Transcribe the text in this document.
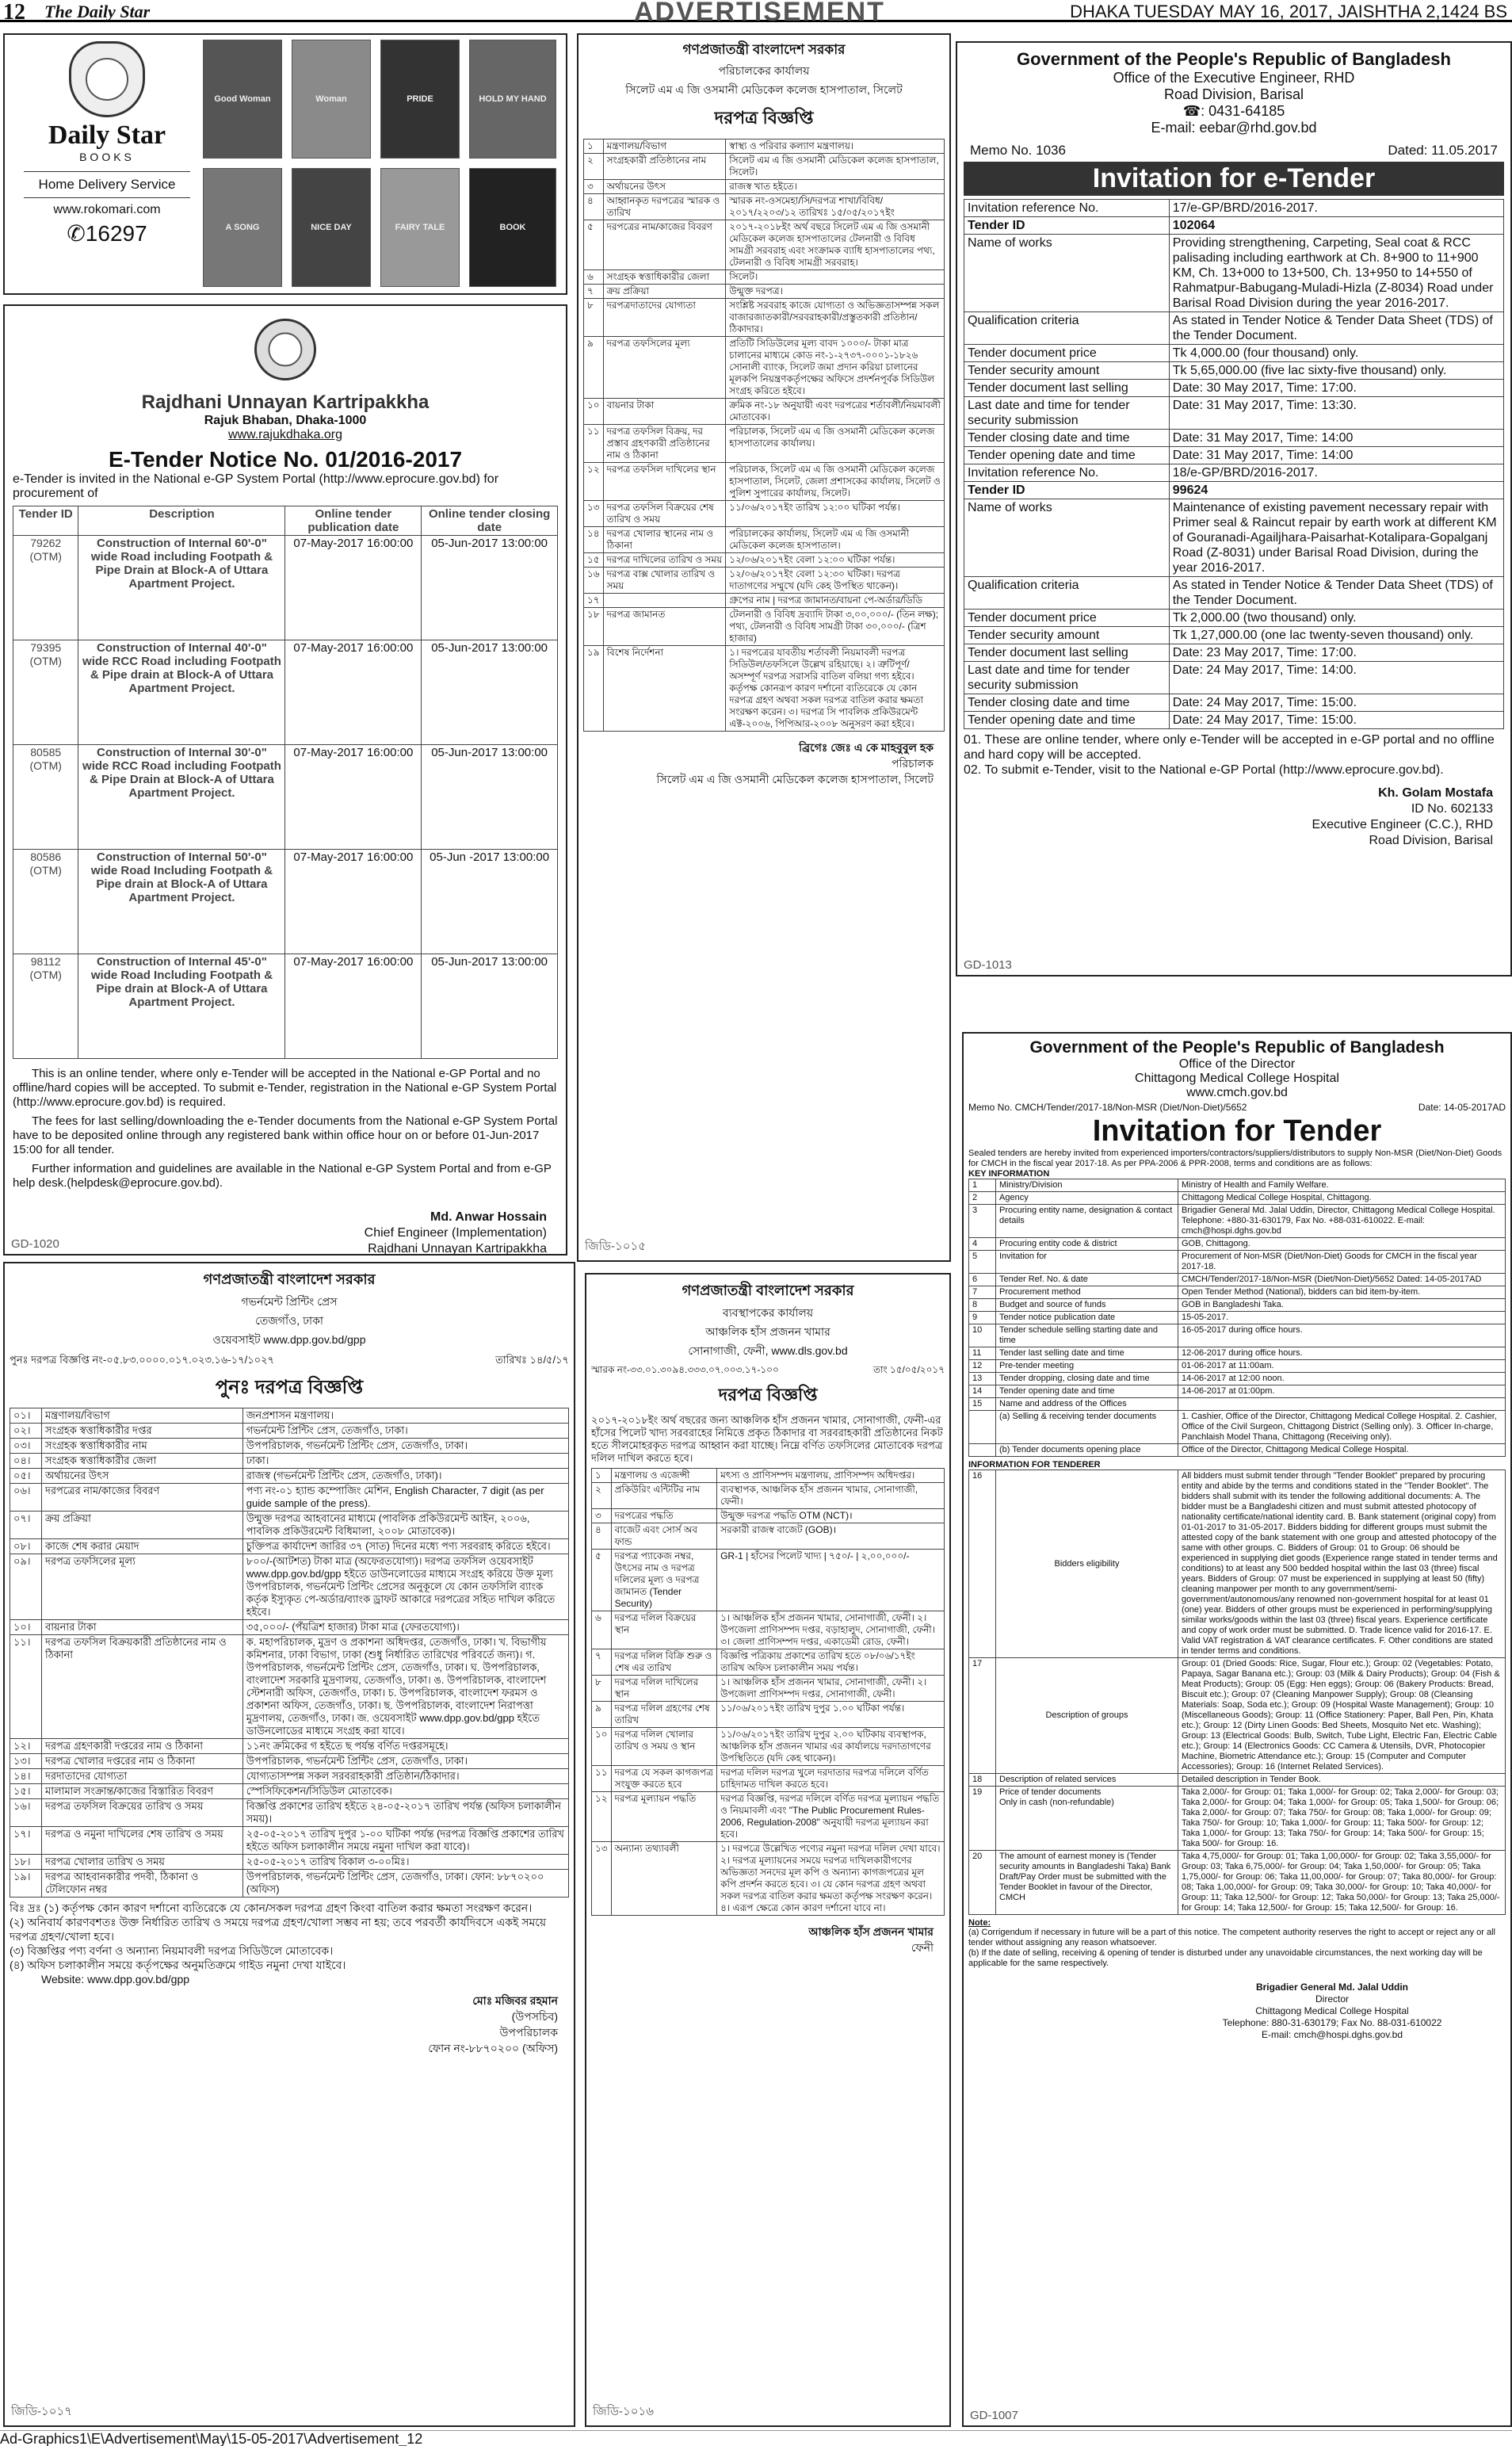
12 The Daily Star	ADVERTISEMENT	DHAKA TUESDAY MAY 16, 2017, JAISHTHA 2,1424 BS
Daily Star
BOOKS
Home Delivery Service
www.rokomari.com
✆16297
Good Woman	Woman	PRIDE	HOLD MY HAND
A SONG	NICE DAY	FAIRY TALE	BOOK
Rajdhani Unnayan Kartripakkha
Rajuk Bhaban, Dhaka-1000
www.rajukdhaka.org
E-Tender Notice No. 01/2016-2017
e-Tender is invited in the National e-GP System Portal (http://www.eprocure.gov.bd) for procurement of
Tender ID	Description	Online tender publication date	Online tender closing date
79262 (OTM)	Construction of Internal 60'-0" wide Road including Footpath & Pipe Drain at Block-A of Uttara Apartment Project.	07-May-2017 16:00:00	05-Jun-2017 13:00:00
79395 (OTM)	Construction of Internal 40'-0" wide RCC Road including Footpath & Pipe drain at Block-A of Uttara Apartment Project.	07-May-2017 16:00:00	05-Jun-2017 13:00:00
80585 (OTM)	Construction of Internal 30'-0" wide RCC Road including Footpath & Pipe Drain at Block-A of Uttara Apartment Project.	07-May-2017 16:00:00	05-Jun-2017 13:00:00
80586 (OTM)	Construction of Internal 50'-0" wide Road Including Footpath & Pipe drain at Block-A of Uttara Apartment Project.	07-May-2017 16:00:00	05-Jun -2017 13:00:00
98112 (OTM)	Construction of Internal 45'-0" wide Road Including Footpath & Pipe drain at Block-A of Uttara Apartment Project.	07-May-2017 16:00:00	05-Jun-2017 13:00:00

This is an online tender, where only e-Tender will be accepted in the National e-GP Portal and no offline/hard copies will be accepted. To submit e-Tender, registration in the National e-GP System Portal (http://www.eprocure.gov.bd) is required.

The fees for last selling/downloading the e-Tender documents from the National e-GP System Portal have to be deposited online through any registered bank within office hour on or before 01-Jun-2017 15:00 for all tender.

Further information and guidelines are available in the National e-GP System Portal and from e-GP help desk.(helpdesk@eprocure.gov.bd).

Md. Anwar Hossain
Chief Engineer (Implementation)
Rajdhani Unnayan Kartripakkha
GD-1020
গণপ্রজাতন্ত্রী বাংলাদেশ সরকার
পরিচালকের কার্যালয়
সিলেট এম এ জি ওসমানী মেডিকেল কলেজ হাসপাতাল, সিলেট
দরপত্র বিজ্ঞপ্তি
১	মন্ত্রণালয়/বিভাগ	স্বাস্থ্য ও পরিবার কল্যাণ মন্ত্রণালয়।
২	সংগ্রহকারী প্রতিষ্ঠানের নাম	সিলেট এম এ জি ওসমানী মেডিকেল কলেজ হাসপাতাল, সিলেট।
৩	অর্থায়নের উৎস	রাজস্ব খাত হইতে।
৪	আহ্বানকৃত দরপত্রের স্মারক ও তারিখ	স্মারক নং-ওসমেহা/সি/দরপত্র শাখা/বিবিধ/২০১৭/২২০৩/১২ তারিখঃ ১৫/০৫/২০১৭ইং
৫	দরপত্রের নাম/কাজের বিবরণ	২০১৭-২০১৮ইং অর্থ বছরে সিলেট এম এ জি ওসমানী মেডিকেল কলেজ হাসপাতালের টেলনারী ও বিবিধ সামগ্রী সরবরাহ এবং সংক্রামক ব্যাধি হাসপাতালের পথ্য, টেলনারী ও বিবিধ সামগ্রী সরবরাহ।
৬	সংগ্রহক স্বত্তাধিকারীর জেলা	সিলেট।
৭	ক্রয় প্রক্রিয়া	উন্মুক্ত দরপত্র।
৮	দরপত্রদাতাদের যোগ্যতা	সংশ্লিষ্ট সরবরাহ কাজে যোগ্যতা ও অভিজ্ঞতাসম্পন্ন সকল বাজারজাতকারী/সরবরাহকারী/প্রস্তুতকারী প্রতিষ্ঠান/ঠিকাদার।
৯	দরপত্র তফসিলের মূল্য	প্রতিটি সিডিউলের মূল্য বাবদ ১০০০/- টাকা মাত্র চালানের মাধ্যমে কোড নং-১-২৭৩৭-০০০১-১৮২৬ সোনালী ব্যাংক, সিলেট জমা প্রদান করিয়া চালানের মূলকপি নিয়ন্ত্রণকর্তৃপক্ষের অফিসে প্রদর্শনপূর্বক সিডিউল সংগ্রহ করিতে হইবে।
১০	বায়নার টাকা	ক্রমিক নং-১৮ অনুযায়ী এবং দরপত্রের শর্তাবলী/নিয়মাবলী মোতাবেক।
১১	দরপত্র তফসিল বিক্রয়, দর প্রস্তাব গ্রহণকারী প্রতিষ্ঠানের নাম ও ঠিকানা	পরিচালক, সিলেট এম এ জি ওসমানী মেডিকেল কলেজ হাসপাতালের কার্যালয়।
১২	দরপত্র তফসিল দাখিলের স্থান	পরিচালক, সিলেট এম এ জি ওসমানী মেডিকেল কলেজ হাসপাতাল, সিলেট, জেলা প্রশাসকের কার্যালয়, সিলেট ও পুলিশ সুপারের কার্যালয়, সিলেট।
১৩	দরপত্র তফসিল বিক্রয়ের শেষ তারিখ ও সময়	১১/০৬/২০১৭ইং তারিখ ১২:০০ ঘটিকা পর্যন্ত।
১৪	দরপত্র খোলার স্থানের নাম ও ঠিকানা	পরিচালকের কার্যালয়, সিলেট এম এ জি ওসমানী মেডিকেল কলেজ হাসপাতাল।
১৫	দরপত্র দাখিলের তারিখ ও সময়	১২/০৬/২০১৭ইং বেলা ১২:০০ ঘটিকা পর্যন্ত।
১৬	দরপত্র বাক্স খোলার তারিখ ও সময়	১২/০৬/২০১৭ইং বেলা ১২:৩০ ঘটিকা। দরপত্র দাতাগণের সম্মুখে (যদি কেহ উপস্থিত থাকেন)।
১৭		গ্রুপের নাম | দরপত্র জামানত/বায়না পে-অর্ডার/ডিডি
১৮	দরপত্র জামানত	টেলনারী ও বিবিধ দ্রব্যাদি টাকা ৩,০০,০০০/- (তিন লক্ষ); পথ্য, টেলনারী ও বিবিধ সামগ্রী টাকা ৩০,০০০/- (ত্রিশ হাজার)
১৯	বিশেষ নির্দেশনা	১। দরপত্রের যাবতীয় শর্তাবলী নিয়মাবলী দরপত্র সিডিউল/তফসিলে উল্লেখ রহিয়াছে। ২। ত্রুটিপূর্ণ/অসম্পূর্ণ দরপত্র সরাসরি বাতিল বলিয়া গণ্য হইবে। কর্তৃপক্ষ কোনরূপ কারণ দর্শানো ব্যতিরেকে যে কোন দরপত্র গ্রহণ অথবা সকল দরপত্র বাতিল করার ক্ষমতা সংরক্ষণ করেন। ৩। দরপত্র সি পাবলিক প্রকিউরমেন্ট এক্ট-২০০৬, পিপিআর-২০০৮ অনুসরণ করা হইবে।
ব্রিগেঃ জেঃ এ কে মাহবুবুল হক
পরিচালক
সিলেট এম এ জি ওসমানী মেডিকেল কলেজ হাসপাতাল, সিলেট
জিডি-১০১৫
Government of the People's Republic of Bangladesh
Office of the Executive Engineer, RHD
Road Division, Barisal
☎: 0431-64185
E-mail: eebar@rhd.gov.bd
Memo No. 1036	Dated: 11.05.2017
Invitation for e-Tender
Invitation reference No.	17/e-GP/BRD/2016-2017.
Tender ID	102064
Name of works	Providing strengthening, Carpeting, Seal coat & RCC palisading including earthwork at Ch. 8+900 to 11+900 KM, Ch. 13+000 to 13+500, Ch. 13+950 to 14+550 of Rahmatpur-Babugang-Muladi-Hizla (Z-8034) Road under Barisal Road Division during the year 2016-2017.
Qualification criteria	As stated in Tender Notice & Tender Data Sheet (TDS) of the Tender Document.
Tender document price	Tk 4,000.00 (four thousand) only.
Tender security amount	Tk 5,65,000.00 (five lac sixty-five thousand) only.
Tender document last selling	Date: 30 May 2017, Time: 17:00.
Last date and time for tender security submission	Date: 31 May 2017, Time: 13:30.
Tender closing date and time	Date: 31 May 2017, Time: 14:00
Tender opening date and time	Date: 31 May 2017, Time: 14:00
Invitation reference No.	18/e-GP/BRD/2016-2017.
Tender ID	99624
Name of works	Maintenance of existing pavement necessary repair with Primer seal & Raincut repair by earth work at different KM of Gouranadi-Agailjhara-Paisarhat-Kotalipara-Gopalganj Road (Z-8031) under Barisal Road Division, during the year 2016-2017.
Qualification criteria	As stated in Tender Notice & Tender Data Sheet (TDS) of the Tender Document.
Tender document price	Tk 2,000.00 (two thousand) only.
Tender security amount	Tk 1,27,000.00 (one lac twenty-seven thousand) only.
Tender document last selling	Date: 23 May 2017, Time: 17:00.
Last date and time for tender security submission	Date: 24 May 2017, Time: 14:00.
Tender closing date and time	Date: 24 May 2017, Time: 15:00.
Tender opening date and time	Date: 24 May 2017, Time: 15:00.

01. These are online tender, where only e-Tender will be accepted in e-GP portal and no offline and hard copy will be accepted.

02. To submit e-Tender, visit to the National e-GP Portal (http://www.eprocure.gov.bd).

Kh. Golam Mostafa
ID No. 602133
Executive Engineer (C.C.), RHD
Road Division, Barisal
GD-1013
গণপ্রজাতন্ত্রী বাংলাদেশ সরকার
গভর্নমেন্ট প্রিন্টিং প্রেস
তেজগাঁও, ঢাকা
ওয়েবসাইট www.dpp.gov.bd/gpp
পুনঃ দরপত্র বিজ্ঞপ্তি নং-০৫.৮৩.০০০০.০১৭.০২৩.১৬-১৭/১০২৭	তারিখঃ ১৪/৫/১৭
পুনঃ দরপত্র বিজ্ঞপ্তি
০১।	মন্ত্রণালয়/বিভাগ	জনপ্রশাসন মন্ত্রণালয়।
০২।	সংগ্রহক স্বত্তাধিকারীর দপ্তর	গভর্নমেন্ট প্রিন্টিং প্রেস, তেজগাঁও, ঢাকা।
০৩।	সংগ্রহক স্বত্তাধিকারীর নাম	উপপরিচালক, গভর্নমেন্ট প্রিন্টিং প্রেস, তেজগাঁও, ঢাকা।
০৪।	সংগ্রহক স্বত্তাধিকারীর জেলা	ঢাকা।
০৫।	অর্থায়নের উৎস	রাজস্ব (গভর্নমেন্ট প্রিন্টিং প্রেস, তেজগাঁও, ঢাকা)।
০৬।	দরপত্রের নাম/কাজের বিবরণ	পণ্য নং-০১ হ্যান্ড কম্পোজিং মেশিন, English Character, 7 digit (as per guide sample of the press).
০৭।	ক্রয় প্রক্রিয়া	উন্মুক্ত দরপত্র আহবানের মাধ্যমে (পাবলিক প্রকিউরমেন্ট আইন, ২০০৬, পাবলিক প্রকিউরমেন্ট বিধিমালা, ২০০৮ মোতাবেক)।
০৮।	কাজে শেষ করার মেয়াদ	চুক্তিপত্র কার্যাদেশ জারির ৩৭ (সাত) দিনের মধ্যে পণ্য সরবরাহ করিতে হইবে।
০৯।	দরপত্র তফসিলের মূল্য	৮০০/-(আটশত) টাকা মাত্র (অফেরতযোগ্য)। দরপত্র তফসিল ওয়েবসাইট www.dpp.gov.bd/gpp হইতে ডাউনলোডের মাধ্যমে সংগ্রহ করিয়ে উক্ত মূল্য উপপরিচালক, গভর্নমেন্ট প্রিন্টিং প্রেসের অনুকূলে যে কোন তফসিলি ব্যাংক কর্তৃক ইস্যুকৃত পে-অর্ডার/ব্যাংক ড্রাফট আকারে দরপত্রের সহিত দাখিল করিতে হইবে।
১০।	বায়নার টাকা	৩৫,০০০/- (পঁয়ত্রিশ হাজার) টাকা মাত্র (ফেরতযোগ্য)।
১১।	দরপত্র তফসিল বিক্রয়কারী প্রতিষ্ঠানের নাম ও ঠিকানা	ক. মহাপরিচালক, মুদ্রণ ও প্রকাশনা অধিদপ্তর, তেজগাঁও, ঢাকা। খ. বিভাগীয় কমিশনার, ঢাকা বিভাগ, ঢাকা (শুধু নির্ধারিত তারিখের পরিবর্তে জন্য)। গ. উপপরিচালক, গভর্নমেন্ট প্রিন্টিং প্রেস, তেজগাঁও, ঢাকা। ঘ. উপপরিচালক, বাংলাদেশ সরকারি মুদ্রণালয়, তেজগাঁও, ঢাকা। ঙ. উপপরিচালক, বাংলাদেশ স্টেশনারী অফিস, তেজগাঁও, ঢাকা। চ. উপপরিচালক, বাংলাদেশ ফরমস ও প্রকাশনা অফিস, তেজগাঁও, ঢাকা। ছ. উপপরিচালক, বাংলাদেশ নিরাপত্তা মুদ্রণালয়, তেজগাঁও, ঢাকা। জ. ওয়েবসাইট www.dpp.gov.bd/gpp হইতে ডাউনলোডের মাধ্যমে সংগ্রহ করা যাবে।
১২।	দরপত্র গ্রহণকারী দপ্তরের নাম ও ঠিকানা	১১নং ক্রমিকের গ হইতে ছ পর্যন্ত বর্ণিত দপ্তরসমূহে।
১৩।	দরপত্র খোলার দপ্তরের নাম ও ঠিকানা	উপপরিচালক, গভর্নমেন্ট প্রিন্টিং প্রেস, তেজগাঁও, ঢাকা।
১৪।	দরদাতাদের যোগ্যতা	যোগ্যতাসম্পন্ন সকল সরবরাহকারী প্রতিষ্ঠান/ঠিকাদার।
১৫।	মালামাল সংক্রান্ত/কাজের বিস্তারিত বিবরণ	স্পেসিফিকেশন/সিডিউল মোতাবেক।
১৬।	দরপত্র তফসিল বিক্রয়ের তারিখ ও সময়	বিজ্ঞপ্তি প্রকাশের তারিখ হইতে ২৪-০৫-২০১৭ তারিখ পর্যন্ত (অফিস চলাকালীন সময়)।
১৭।	দরপত্র ও নমুনা দাখিলের শেষ তারিখ ও সময়	২৫-০৫-২০১৭ তারিখ দুপুর ১-০০ ঘটিকা পর্যন্ত (দরপত্র বিজ্ঞপ্তি প্রকাশের তারিখ হইতে অফিস চলাকালীন সময়ে নমুনা দাখিল করা যাবে)।
১৮।	দরপত্র খোলার তারিখ ও সময়	২৫-০৫-২০১৭ তারিখ বিকাল ৩-০০মিঃ।
১৯।	দরপত্র আহবানকারীর পদবী, ঠিকানা ও টেলিফোন নম্বর	উপপরিচালক, গভর্নমেন্ট প্রিন্টিং প্রেস, তেজগাঁও, ঢাকা। ফোন: ৮৮৭০২০০ (অফিস)
বিঃ দ্রঃ (১) কর্তৃপক্ষ কোন কারণ দর্শানো ব্যতিরেকে যে কোন/সকল দরপত্র গ্রহণ কিংবা বাতিল করার ক্ষমতা সংরক্ষণ করেন।
(২) অনিবার্য কারণবশতঃ উক্ত নির্ধারিত তারিখ ও সময়ে দরপত্র গ্রহণ/খোলা সম্ভব না হয়; তবে পরবর্তী কার্যদিবসে একই সময়ে দরপত্র গ্রহণ/খোলা হবে।
(৩) বিজ্ঞপ্তির পণ্য বর্ণনা ও অন্যান্য নিয়মাবলী দরপত্র সিডিউলে মোতাবেক।
(৪) অফিস চলাকালীন সময়ে কর্তৃপক্ষের অনুমতিক্রমে গাইড নমুনা দেখা যাইবে।
Website: www.dpp.gov.bd/gpp
মোঃ মজিবর রহমান
(উপসচিব)
উপপরিচালক
ফোন নং-৮৮৭০২০০ (অফিস)
জিডি-১০১৭
গণপ্রজাতন্ত্রী বাংলাদেশ সরকার
ব্যবস্থাপকের কার্যালয়
আঞ্চলিক হাঁস প্রজনন খামার
সোনাগাজী, ফেনী, www.dls.gov.bd
স্মারক নং-৩৩.০১.৩০৯৪.৩৩৩.০৭.০০৩.১৭-১০০	তাং ১৫/০৫/২০১৭
দরপত্র বিজ্ঞপ্তি

২০১৭-২০১৮ইং অর্থ বছরের জন্য আঞ্চলিক হাঁস প্রজনন খামার, সোনাগাজী, ফেনী-এর হাঁসের পিলেট খাদ্য সরবরাহের নিমিত্তে প্রকৃত ঠিকাদার বা সরবরাহকারী প্রতিষ্ঠানের নিকট হতে সীলমোহরকৃত দরপত্র আহ্বান করা যাচ্ছে। নিম্নে বর্ণিত তফসিলের মোতাবেক দরপত্র দলিল দাখিল করতে হবে।

১	মন্ত্রণালয় ও এজেন্সী	মৎস্য ও প্রাণিসম্পদ মন্ত্রণালয়, প্রাণিসম্পদ অধিদপ্তর।
২	প্রকিউরিং এন্টিটির নাম	ব্যবস্থাপক, আঞ্চলিক হাঁস প্রজনন খামার, সোনাগাজী, ফেনী।
৩	দরপত্রের পদ্ধতি	উন্মুক্ত দরপত্র পদ্ধতি OTM (NCT)।
৪	বাজেট এবং সোর্স অব ফান্ড	সরকারী রাজস্ব বাজেট (GOB)।
৫	দরপত্র প্যাকেজ নম্বর, উৎসের নাম ও দরপত্র দলিলের মূল্য ও দরপত্র জামানত (Tender Security)	GR-1 | হাঁসের পিলেট খাদ্য | ৭৫০/- | ২,০০,০০০/-
৬	দরপত্র দলিল বিক্রয়ের স্থান	১। আঞ্চলিক হাঁস প্রজনন খামার, সোনাগাজী, ফেনী। ২। উপজেলা প্রাণিসম্পদ দপ্তর, বড়াহালুদ, সোনাগাজী, ফেনী। ৩। জেলা প্রাণিসম্পদ দপ্তর, একাডেমী রোড, ফেনী।
৭	দরপত্র দলিল বিক্রি শুরু ও শেষ এর তারিখ	বিজ্ঞপ্তি পত্রিকায় প্রকাশের তারিখ হতে ০৮/০৬/১৭ইং তারিখ অফিস চলাকালীন সময় পর্যন্ত।
৮	দরপত্র দলিল দাখিলের স্থান	১। আঞ্চলিক হাঁস প্রজনন খামার, সোনাগাজী, ফেনী। ২। উপজেলা প্রাণিসম্পদ দপ্তর, সোনাগাজী, ফেনী।
৯	দরপত্র দলিল গ্রহণের শেষ তারিখ	১১/০৬/২০১৭ইং তারিখ দুপুর ১.০০ ঘটিকা পর্যন্ত।
১০	দরপত্র দলিল খোলার তারিখ ও সময় ও স্থান	১১/০৬/২০১৭ইং তারিখ দুপুর ২.০০ ঘটিকায় ব্যবস্থাপক, আঞ্চলিক হাঁস প্রজনন খামার এর কার্যালয়ে দরদাতাগণের উপস্থিতিতে (যদি কেহ থাকেন)।
১১	দরপত্র যে সকল কাগজপত্র সংযুক্ত করতে হবে	দরপত্র দলিল দরপত্র খুলে দরদাতার দরপত্র দলিলে বর্ণিত চাহিদামত দাখিল করতে হবে।
১২	দরপত্র মূল্যায়ন পদ্ধতি	দরপত্র বিজ্ঞপ্তি, দরপত্র দলিলে বর্ণিত দরপত্র মূল্যায়ন পদ্ধতি ও নিয়মাবলী এবং "The Public Procurement Rules-2006, Regulation-2008" অনুযায়ী দরপত্র মূল্যায়ন করা হবে।
১৩	অন্যান্য তথ্যাবলী	১। দরপত্রে উল্লেখিত পণ্যের নমুনা দরপত্র দলিল দেখা যাবে। ২। দরপত্র মূল্যায়নের সময়ে দরপত্র দাখিলকারীগণের অভিজ্ঞতা সনদের মূল কপি ও অন্যান্য কাগজপত্রের মূল কপি প্রদর্শন করতে হবে। ৩। যে কোন দরপত্র গ্রহণ অথবা সকল দরপত্র বাতিল করার ক্ষমতা কর্তৃপক্ষ সংরক্ষণ করেন। ৪। এরূপ ক্ষেত্রে কোন কারণ দর্শানো যাবে না।
আঞ্চলিক হাঁস প্রজনন খামার
ফেনী
জিডি-১০১৬
Government of the People's Republic of Bangladesh
Office of the Director
Chittagong Medical College Hospital
www.cmch.gov.bd
Memo No. CMCH/Tender/2017-18/Non-MSR (Diet/Non-Diet)/5652	Date: 14-05-2017AD
Invitation for Tender

Sealed tenders are hereby invited from experienced importers/contractors/suppliers/distributors to supply Non-MSR (Diet/Non-Diet) Goods for CMCH in the fiscal year 2017-18. As per PPA-2006 & PPR-2008, terms and conditions are as follows:

KEY INFORMATION
1	Ministry/Division	Ministry of Health and Family Welfare.
2	Agency	Chittagong Medical College Hospital, Chittagong.
3	Procuring entity name, designation & contact details	Brigadier General Md. Jalal Uddin, Director, Chittagong Medical College Hospital. Telephone: +880-31-630179, Fax No. +88-031-610022. E-mail: cmch@hospi.dghs.gov.bd
4	Procuring entity code & district	GOB, Chittagong.
5	Invitation for	Procurement of Non-MSR (Diet/Non-Diet) Goods for CMCH in the fiscal year 2017-18.
6	Tender Ref. No. & date	CMCH/Tender/2017-18/Non-MSR (Diet/Non-Diet)/5652 Dated: 14-05-2017AD
7	Procurement method	Open Tender Method (National), bidders can bid item-by-item.
8	Budget and source of funds	GOB in Bangladeshi Taka.
9	Tender notice publication date	15-05-2017.
10	Tender schedule selling starting date and time	16-05-2017 during office hours.
11	Tender last selling date and time	12-06-2017 during office hours.
12	Pre-tender meeting	01-06-2017 at 11:00am.
13	Tender dropping, closing date and time	14-06-2017 at 12:00 noon.
14	Tender opening date and time	14-06-2017 at 01:00pm.
15	Name and address of the Offices	
	(a) Selling & receiving tender documents	1. Cashier, Office of the Director, Chittagong Medical College Hospital. 2. Cashier, Office of the Civil Surgeon, Chittagong District (Selling only). 3. Officer In-charge, Panchlaish Model Thana, Chittagong (Receiving only).
	(b) Tender documents opening place	Office of the Director, Chittagong Medical College Hospital.
INFORMATION FOR TENDERER
16	Bidders eligibility	All bidders must submit tender through "Tender Booklet" prepared by procuring entity and abide by the terms and conditions stated in the "Tender Booklet". The bidders shall submit with its tender the following additional documents: A. The bidder must be a Bangladeshi citizen and must submit attested photocopy of nationality certificate/national identity card. B. Bank statement (original copy) from 01-01-2017 to 31-05-2017. Bidders bidding for different groups must submit the attested copy of the bank statement with one group and attested photocopy of the same with other groups. C. Bidders of Group: 01 to Group: 06 should be experienced in supplying diet goods (Experience range stated in tender terms and conditions) to at least any 500 bedded hospital within the last 03 (three) fiscal years. Bidders of Group: 07 must be experienced in supplying at least 50 (fifty) cleaning manpower per month to any government/semi-government/autonomous/any renowned non-government hospital for at least 01 (one) year. Bidders of other groups must be experienced in performing/supplying similar works/goods within the last 03 (three) fiscal years. Experience certificate and copy of work order must be submitted. D. Trade licence valid for 2016-17. E. Valid VAT registration & VAT clearance certificates. F. Other conditions are stated in tender terms and conditions.
17	Description of groups	Group: 01 (Dried Goods: Rice, Sugar, Flour etc.); Group: 02 (Vegetables: Potato, Papaya, Sagar Banana etc.); Group: 03 (Milk & Dairy Products); Group: 04 (Fish & Meat Products); Group: 05 (Egg: Hen eggs); Group: 06 (Bakery Products: Bread, Biscuit etc.); Group: 07 (Cleaning Manpower Supply); Group: 08 (Cleansing Materials: Soap, Soda etc.); Group: 09 (Hospital Waste Management); Group: 10 (Miscellaneous Goods); Group: 11 (Office Stationery: Paper, Ball Pen, Pin, Khata etc.); Group: 12 (Dirty Linen Goods: Bed Sheets, Mosquito Net etc. Washing); Group: 13 (Electrical Goods: Bulb, Switch, Tube Light, Electric Fan, Electric Cable etc.); Group: 14 (Electronics Goods: CC Camera & Utensils, DVR, Photocopier Machine, Biometric Attendance etc.); Group: 15 (Computer and Computer Accessories); Group: 16 (Internet Related Services).
18	Description of related services	Detailed description in Tender Book.
19	Price of tender documents
Only in cash (non-refundable)	Taka 2,000/- for Group: 01; Taka 1,000/- for Group: 02; Taka 2,000/- for Group: 03; Taka 2,000/- for Group: 04; Taka 1,000/- for Group: 05; Taka 1,500/- for Group: 06; Taka 2,000/- for Group: 07; Taka 750/- for Group: 08; Taka 1,000/- for Group: 09; Taka 750/- for Group: 10; Taka 1,000/- for Group: 11; Taka 500/- for Group: 12; Taka 1,000/- for Group: 13; Taka 750/- for Group: 14; Taka 500/- for Group: 15; Taka 500/- for Group: 16.
20	The amount of earnest money is (Tender security amounts in Bangladeshi Taka) Bank Draft/Pay Order must be submitted with the Tender Booklet in favour of the Director, CMCH	Taka 4,75,000/- for Group: 01; Taka 1,00,000/- for Group: 02; Taka 3,55,000/- for Group: 03; Taka 6,75,000/- for Group: 04; Taka 1,50,000/- for Group: 05; Taka 1,75,000/- for Group: 06; Taka 11,00,000/- for Group: 07; Taka 80,000/- for Group: 08; Taka 1,00,000/- for Group: 09; Taka 30,000/- for Group: 10; Taka 40,000/- for Group: 11; Taka 12,500/- for Group: 12; Taka 50,000/- for Group: 13; Taka 25,000/- for Group: 14; Taka 12,500/- for Group: 15; Taka 12,500/- for Group: 16.
Note:

(a) Corrigendum if necessary in future will be a part of this notice. The competent authority reserves the right to accept or reject any or all tender without assigning any reason whatsoever.

(b) If the date of selling, receiving & opening of tender is disturbed under any unavoidable circumstances, the next working day will be applicable for the same respectively.

Brigadier General Md. Jalal Uddin
Director
Chittagong Medical College Hospital
Telephone: 880-31-630179; Fax No. 88-031-610022
E-mail: cmch@hospi.dghs.gov.bd
GD-1007
Ad-Graphics1\E\Advertisement\May\15-05-2017\Advertisement_12
